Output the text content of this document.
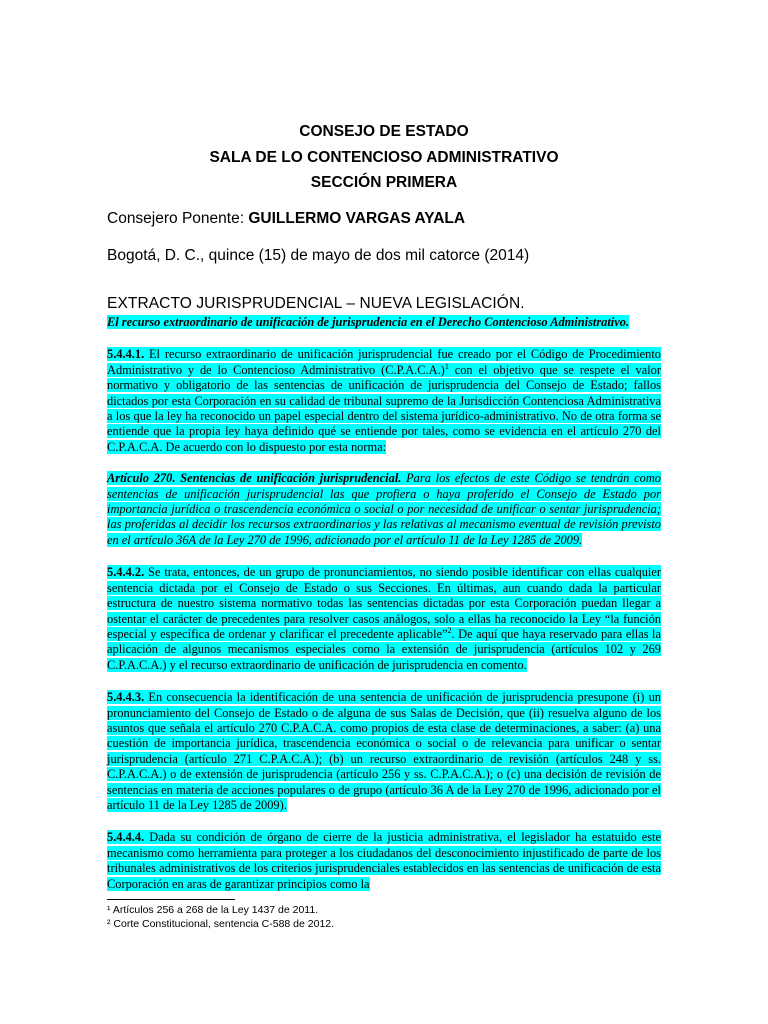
CONSEJO DE ESTADO
SALA DE LO CONTENCIOSO ADMINISTRATIVO
SECCIÓN PRIMERA
Consejero Ponente: GUILLERMO VARGAS AYALA
Bogotá, D. C., quince (15) de mayo de dos mil catorce (2014)
EXTRACTO JURISPRUDENCIAL – NUEVA LEGISLACIÓN.

El recurso extraordinario de unificación de jurisprudencia en el Derecho Contencioso Administrativo.

5.4.4.1. El recurso extraordinario de unificación jurisprudencial fue creado por el Código de Procedimiento Administrativo y de lo Contencioso Administrativo $(C.P.A.C.A.)^1$ con el objetivo que se respete el valor normativo y obligatorio de las sentencias de unificación de jurisprudencia del Consejo de Estado; fallos dictados por esta Corporación en su calidad de tribunal supremo de la Jurisdicción Contenciosa Administrativa a los que la ley ha reconocido un papel especial dentro del sistema jurídico-administrativo. No de otra forma se entiende que la propia ley haya definido qué se entiende por tales, como se evidencia en el artículo 270 del C.P.A.C.A. De acuerdo con lo dispuesto por esta norma:

Artículo 270. Sentencias de unificación jurisprudencial. Para los efectos de este Código se tendrán como sentencias de unificación jurisprudencial las que profiera o haya proferido el Consejo de Estado por importancia jurídica o trascendencia económica o social o por necesidad de unificar o sentar jurisprudencia; las proferidas al decidir los recursos extraordinarios y las relativas al mecanismo eventual de revisión previsto en el artículo 36A de la Ley 270 de 1996, adicionado por el artículo 11 de la Ley 1285 de 2009.

5.4.4.2. Se trata, entonces, de un grupo de pronunciamientos, no siendo posible identificar con ellas cualquier sentencia dictada por el Consejo de Estado o sus Secciones. En últimas, aun cuando dada la particular estructura de nuestro sistema normativo todas las sentencias dictadas por esta Corporación puedan llegar a ostentar el carácter de precedentes para resolver casos análogos, solo a ellas ha reconocido la Ley “la función especial y específica de ordenar y clarificar el precedente aplicable”$^2$. De aquí que haya reservado para ellas la aplicación de algunos mecanismos especiales como la extensión de jurisprudencia (artículos 102 y 269 C.P.A.C.A.) y el recurso extraordinario de unificación de jurisprudencia en comento.

5.4.4.3. En consecuencia la identificación de una sentencia de unificación de jurisprudencia presupone (i) un pronunciamiento del Consejo de Estado o de alguna de sus Salas de Decisión, que (ii) resuelva alguno de los asuntos que señala el artículo 270 C.P.A.C.A. como propios de esta clase de determinaciones, a saber: (a) una cuestión de importancia jurídica, trascendencia económica o social o de relevancia para unificar o sentar jurisprudencia (artículo 271 C.P.A.C.A.); (b) un recurso extraordinario de revisión (artículos 248 y ss. C.P.A.C.A.) o de extensión de jurisprudencia (artículo 256 y ss. C.P.A.C.A.); o (c) una decisión de revisión de sentencias en materia de acciones populares o de grupo (artículo 36 A de la Ley 270 de 1996, adicionado por el artículo 11 de la Ley 1285 de 2009).

5.4.4.4. Dada su condición de órgano de cierre de la justicia administrativa, el legislador ha estatuido este mecanismo como herramienta para proteger a los ciudadanos del desconocimiento injustificado de parte de los tribunales administrativos de los criterios jurisprudenciales establecidos en las sentencias de unificación de esta Corporación en aras de garantizar principios como la

¹ Artículos 256 a 268 de la Ley 1437 de 2011.
² Corte Constitucional, sentencia C-588 de 2012.
